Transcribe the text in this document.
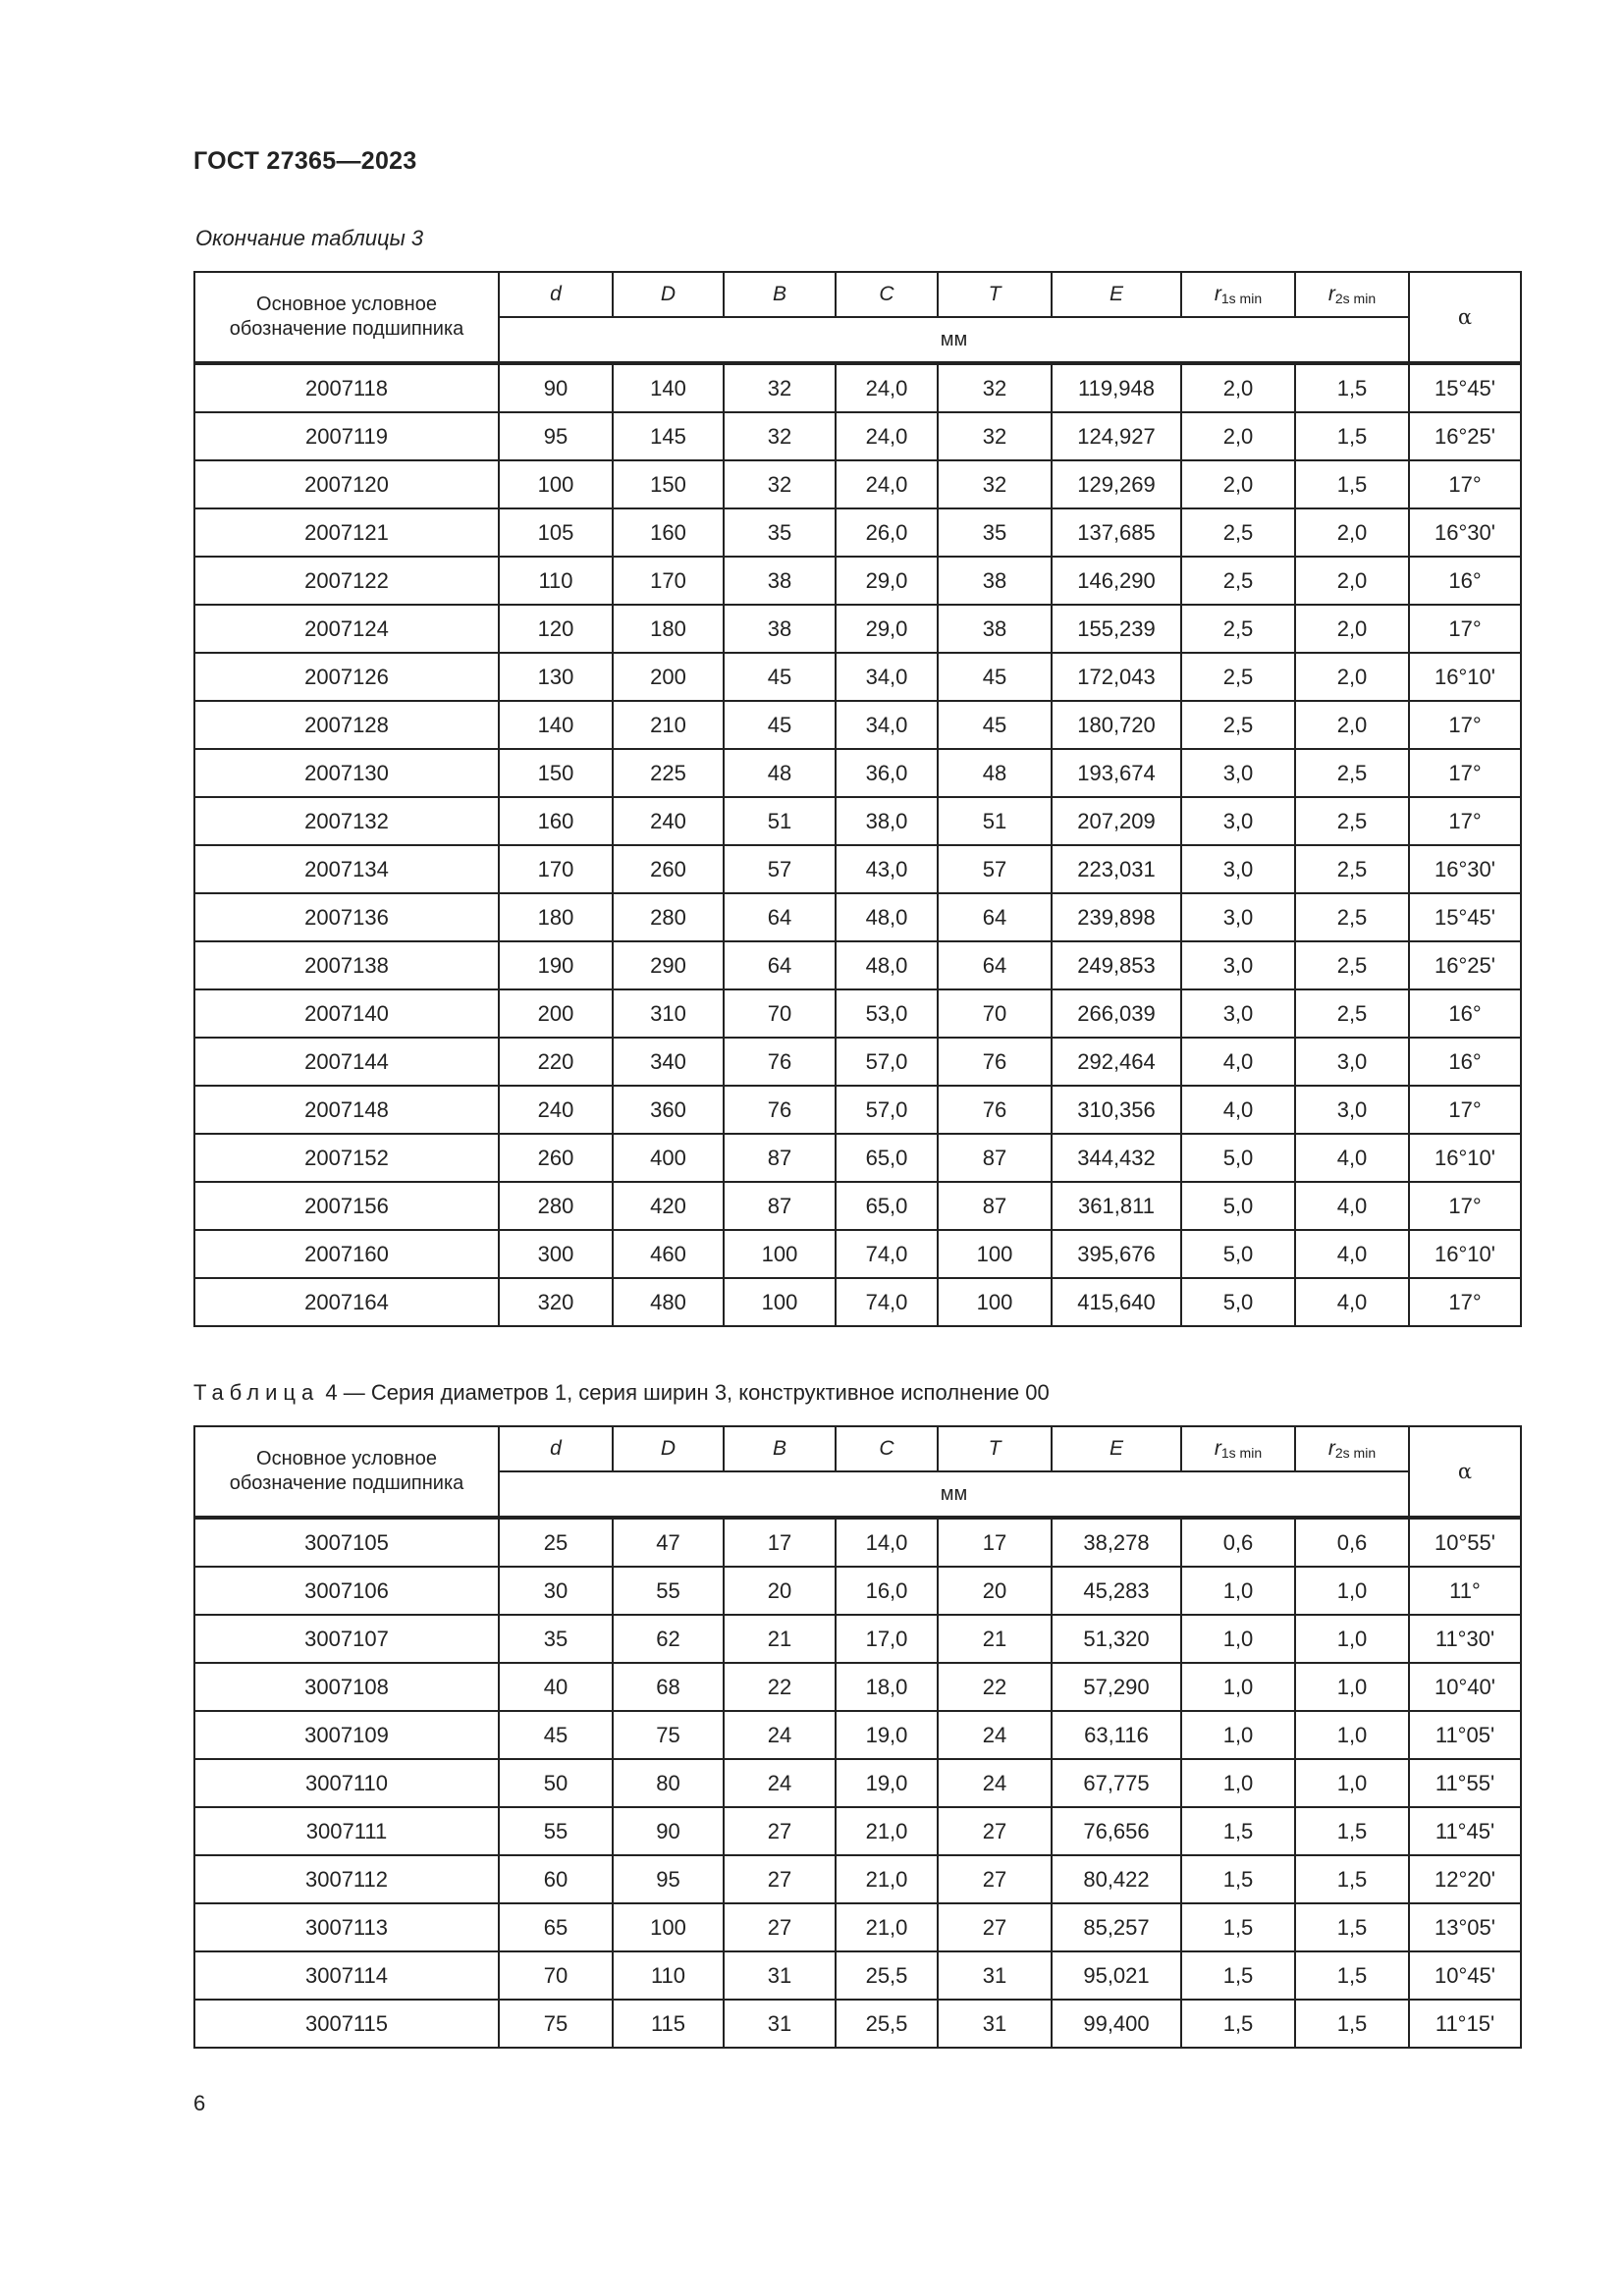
ГОСТ 27365—2023
Окончание таблицы 3
Основное условное
обозначение подшипника	d	D	B	C	T	E	$r_{1s min}$	$r_{2s min}$	α
	мм								
2007118	90	140	32	24,0	32	119,948	2,0	1,5	15°45'
2007119	95	145	32	24,0	32	124,927	2,0	1,5	16°25'
2007120	100	150	32	24,0	32	129,269	2,0	1,5	17°
2007121	105	160	35	26,0	35	137,685	2,5	2,0	16°30'
2007122	110	170	38	29,0	38	146,290	2,5	2,0	16°
2007124	120	180	38	29,0	38	155,239	2,5	2,0	17°
2007126	130	200	45	34,0	45	172,043	2,5	2,0	16°10'
2007128	140	210	45	34,0	45	180,720	2,5	2,0	17°
2007130	150	225	48	36,0	48	193,674	3,0	2,5	17°
2007132	160	240	51	38,0	51	207,209	3,0	2,5	17°
2007134	170	260	57	43,0	57	223,031	3,0	2,5	16°30'
2007136	180	280	64	48,0	64	239,898	3,0	2,5	15°45'
2007138	190	290	64	48,0	64	249,853	3,0	2,5	16°25'
2007140	200	310	70	53,0	70	266,039	3,0	2,5	16°
2007144	220	340	76	57,0	76	292,464	4,0	3,0	16°
2007148	240	360	76	57,0	76	310,356	4,0	3,0	17°
2007152	260	400	87	65,0	87	344,432	5,0	4,0	16°10'
2007156	280	420	87	65,0	87	361,811	5,0	4,0	17°
2007160	300	460	100	74,0	100	395,676	5,0	4,0	16°10'
2007164	320	480	100	74,0	100	415,640	5,0	4,0	17°
Таблица 4 — Серия диаметров 1, серия ширин 3, конструктивное исполнение 00
Основное условное
обозначение подшипника	d	D	B	C	T	E	$r_{1s min}$	$r_{2s min}$	α
	мм								
3007105	25	47	17	14,0	17	38,278	0,6	0,6	10°55'
3007106	30	55	20	16,0	20	45,283	1,0	1,0	11°
3007107	35	62	21	17,0	21	51,320	1,0	1,0	11°30'
3007108	40	68	22	18,0	22	57,290	1,0	1,0	10°40'
3007109	45	75	24	19,0	24	63,116	1,0	1,0	11°05'
3007110	50	80	24	19,0	24	67,775	1,0	1,0	11°55'
3007111	55	90	27	21,0	27	76,656	1,5	1,5	11°45'
3007112	60	95	27	21,0	27	80,422	1,5	1,5	12°20'
3007113	65	100	27	21,0	27	85,257	1,5	1,5	13°05'
3007114	70	110	31	25,5	31	95,021	1,5	1,5	10°45'
3007115	75	115	31	25,5	31	99,400	1,5	1,5	11°15'
6
